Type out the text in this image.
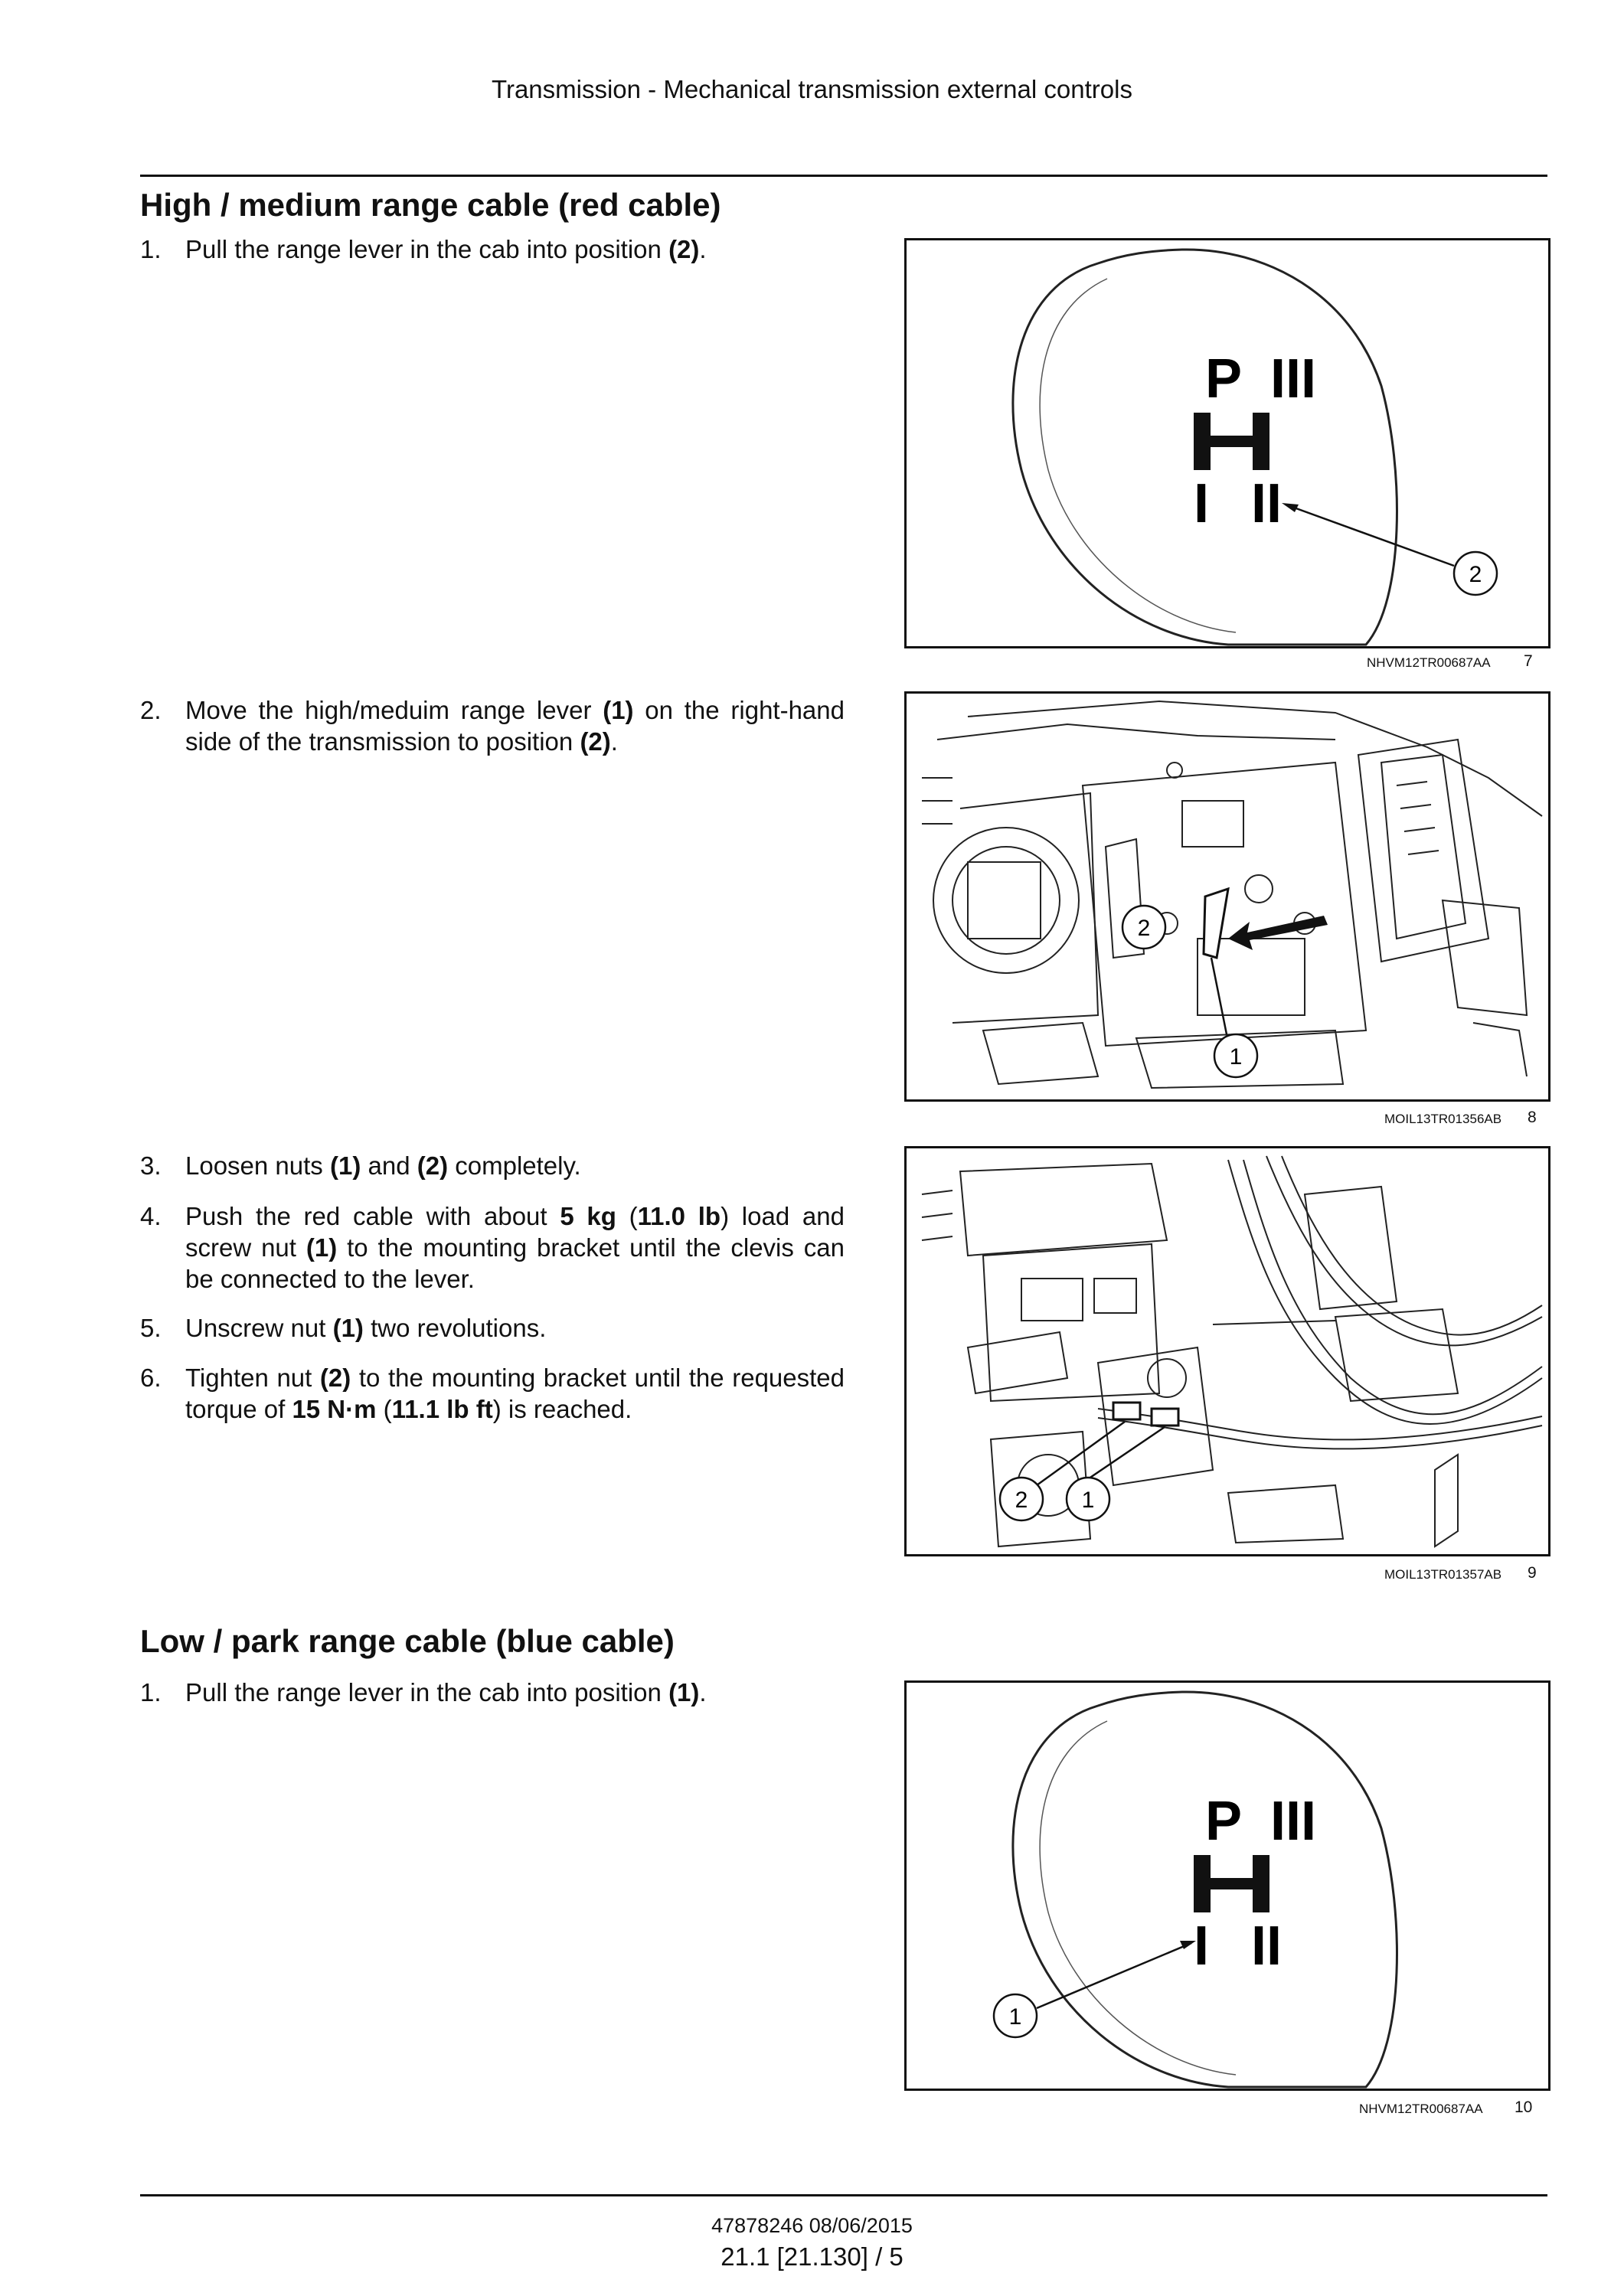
Transmission - Mechanical transmission external controls
High / medium range cable (red cable)
1. Pull the range lever in the cab into position (2).
2. Move the high/meduim range lever (1) on the right-hand side of the transmission to position (2).
3. Loosen nuts (1) and (2) completely.
4. Push the red cable with about 5 kg (11.0 lb) load and screw nut (1) to the mounting bracket until the clevis can be connected to the lever.
5. Unscrew nut (1) two revolutions.
6. Tighten nut (2) to the mounting bracket until the requested torque of 15 N·m (11.1 lb ft) is reached.
Low / park range cable (blue cable)
1. Pull the range lever in the cab into position (1).
P III
I II
2
NHVM12TR00687AA 7
2
1
MOIL13TR01356AB 8
2 1
MOIL13TR01357AB 9
P III
I II
1
NHVM12TR00687AA 10
47878246 08/06/2015
21.1 [21.130] / 5
